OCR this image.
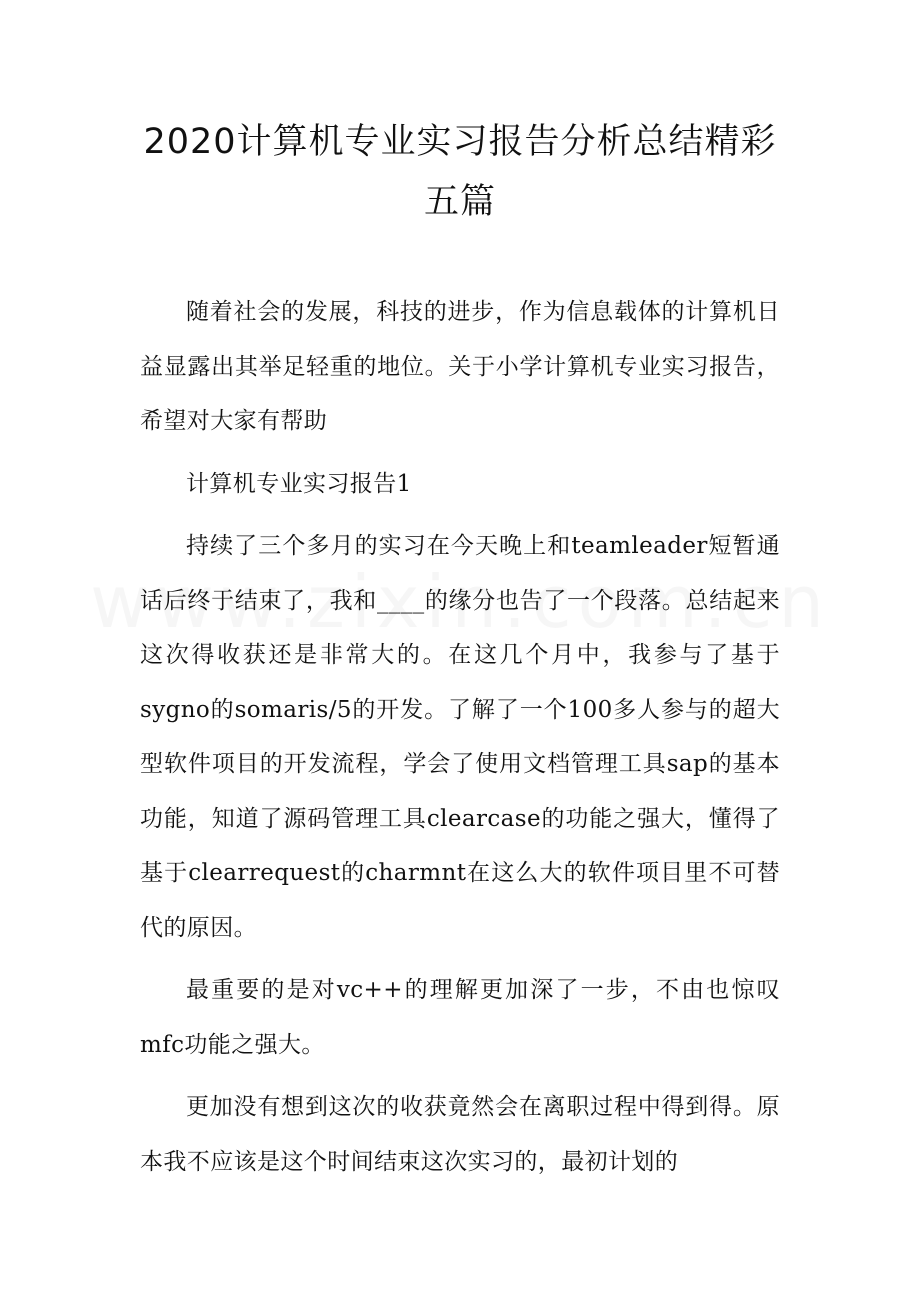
2020计算机专业实习报告分析总结精彩五篇

随着社会的发展，科技的进步，作为信息载体的计算机日益显露出其举足轻重的地位。关于小学计算机专业实习报告，希望对大家有帮助

计算机专业实习报告1

持续了三个多月的实习在今天晚上和teamleader短暂通话后终于结束了，我和____的缘分也告了一个段落。总结起来这次得收获还是非常大的。在这几个月中，我参与了基于sygno的somaris/5的开发。了解了一个100多人参与的超大型软件项目的开发流程，学会了使用文档管理工具sap的基本功能，知道了源码管理工具clearcase的功能之强大，懂得了基于clearrequest的charmnt在这么大的软件项目里不可替代的原因。

最重要的是对vc++的理解更加深了一步，不由也惊叹mfc功能之强大。

更加没有想到这次的收获竟然会在离职过程中得到得。原本我不应该是这个时间结束这次实习的，最初计划的
